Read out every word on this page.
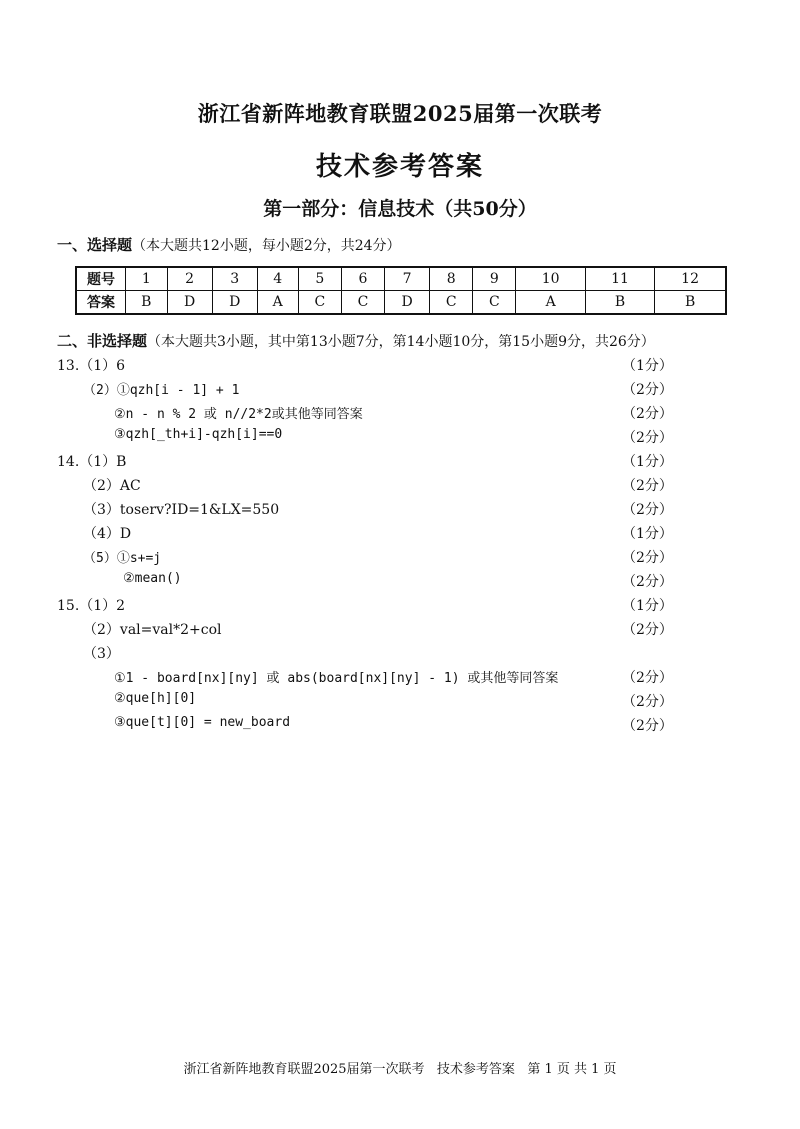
浙江省新阵地教育联盟2025届第一次联考
技术参考答案
第一部分：信息技术（共50分）
一、选择题（本大题共12小题，每小题2分，共24分）
题号	1	2	3	4	5	6	7	8	9	10	11	12
答案	B	D	D	A	C	C	D	C	C	A	B	B
二、非选择题（本大题共3小题，其中第13小题7分，第14小题10分，第15小题9分，共26分）
13.（1）6	（1分）
（2）①qzh[i - 1] + 1	（2分）
②n - n % 2 或 n//2*2或其他等同答案	（2分）
③qzh[_th+i]-qzh[i]==0	（2分）
14.（1）B	（1分）
（2）AC	（2分）
（3）toserv?ID=1&LX=550	（2分）
（4）D	（1分）
（5）①s+=j	（2分）
②mean()	（2分）
15.（1）2	（1分）
（2）val=val*2+col	（2分）
（3）
①1 - board[nx][ny] 或 abs(board[nx][ny] - 1) 或其他等同答案	（2分）
②que[h][0]	（2分）
③que[t][0] = new_board	（2分）
浙江省新阵地教育联盟2025届第一次联考   技术参考答案   第 1 页 共 1 页
